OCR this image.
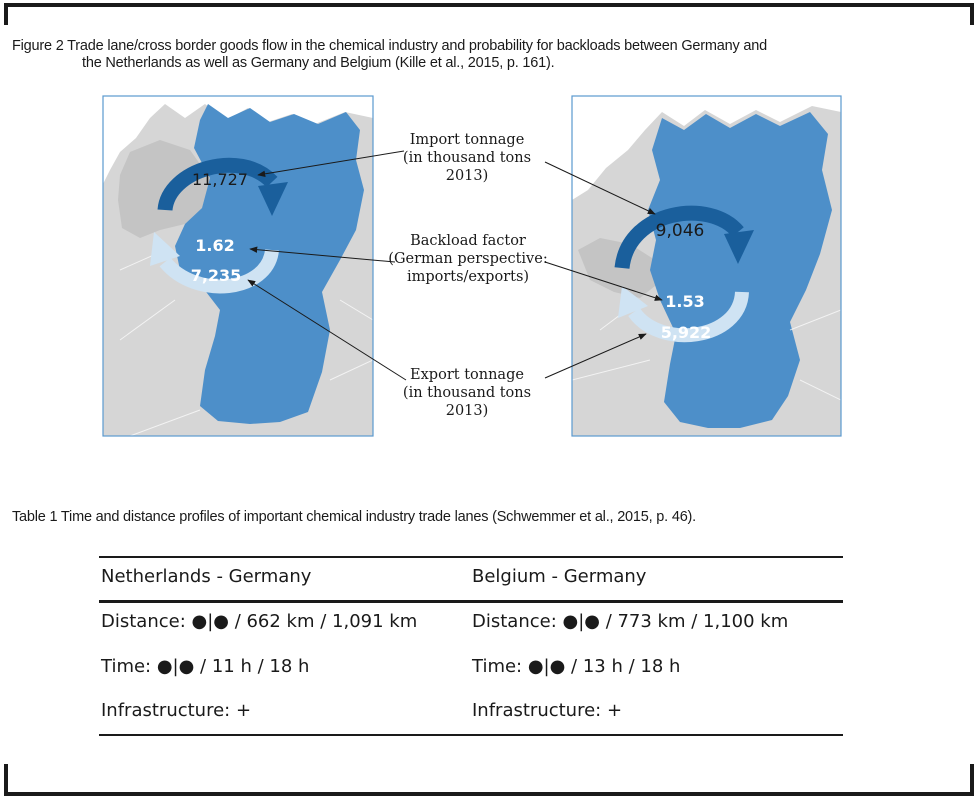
Figure 2 Trade lane/cross border goods flow in the chemical industry and probability for backloads between Germany and
the Netherlands as well as Germany and Belgium (Kille et al., 2015, p. 161).
11,727
1.62
7,235
9,046
1.53
5,922
Import tonnage
(in thousand tons 2013)
Backload factor
(German perspective:
imports/exports)
Export tonnage
(in thousand tons 2013)
Table 1 Time and distance profiles of important chemical industry trade lanes (Schwemmer et al., 2015, p. 46).
Netherlands - Germany	Belgium - Germany
Distance: ●|● / 662 km / 1,091 km	Distance: ●|● / 773 km / 1,100 km
Time: ●|● / 11 h / 18 h	Time: ●|● / 13 h / 18 h
Infrastructure: +	Infrastructure: +
